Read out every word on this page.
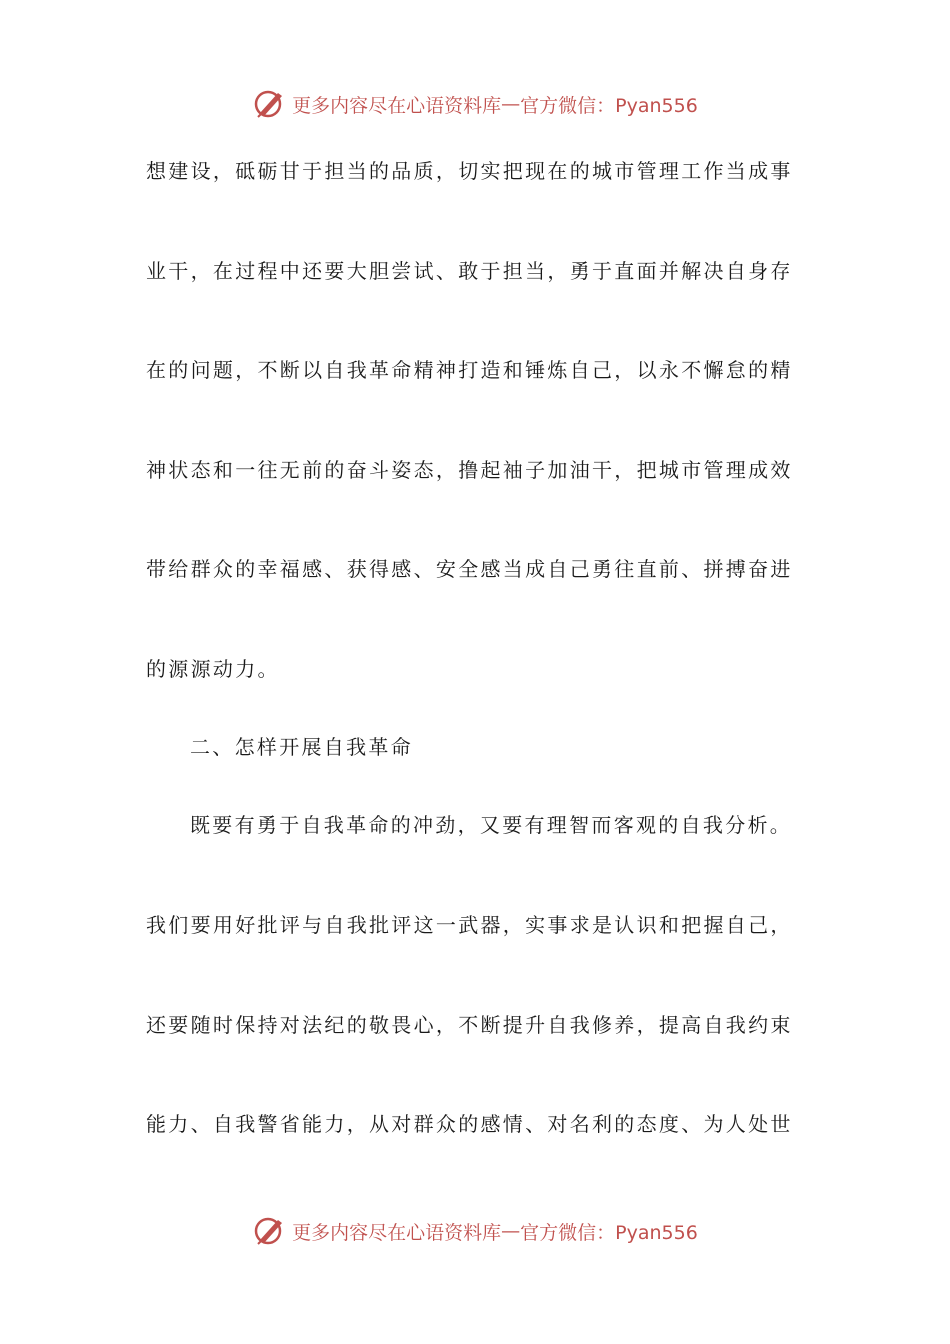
更多内容尽在心语资料库 — 官方微信：Pyan556
想建设，砥砺甘于担当的品质，切实把现在的城市管理工作当成事
业干，在过程中还要大胆尝试、敢于担当，勇于直面并解决自身存
在的问题，不断以自我革命精神打造和锤炼自己，以永不懈怠的精
神状态和一往无前的奋斗姿态，撸起袖子加油干，把城市管理成效
带给群众的幸福感、获得感、安全感当成自己勇往直前、拼搏奋进
的源源动力。
二、怎样开展自我革命
既要有勇于自我革命的冲劲，又要有理智而客观的自我分析。
我们要用好批评与自我批评这一武器，实事求是认识和把握自己，
还要随时保持对法纪的敬畏心，不断提升自我修养，提高自我约束
能力、自我警省能力，从对群众的感情、对名利的态度、为人处世
更多内容尽在心语资料库 — 官方微信：Pyan556
